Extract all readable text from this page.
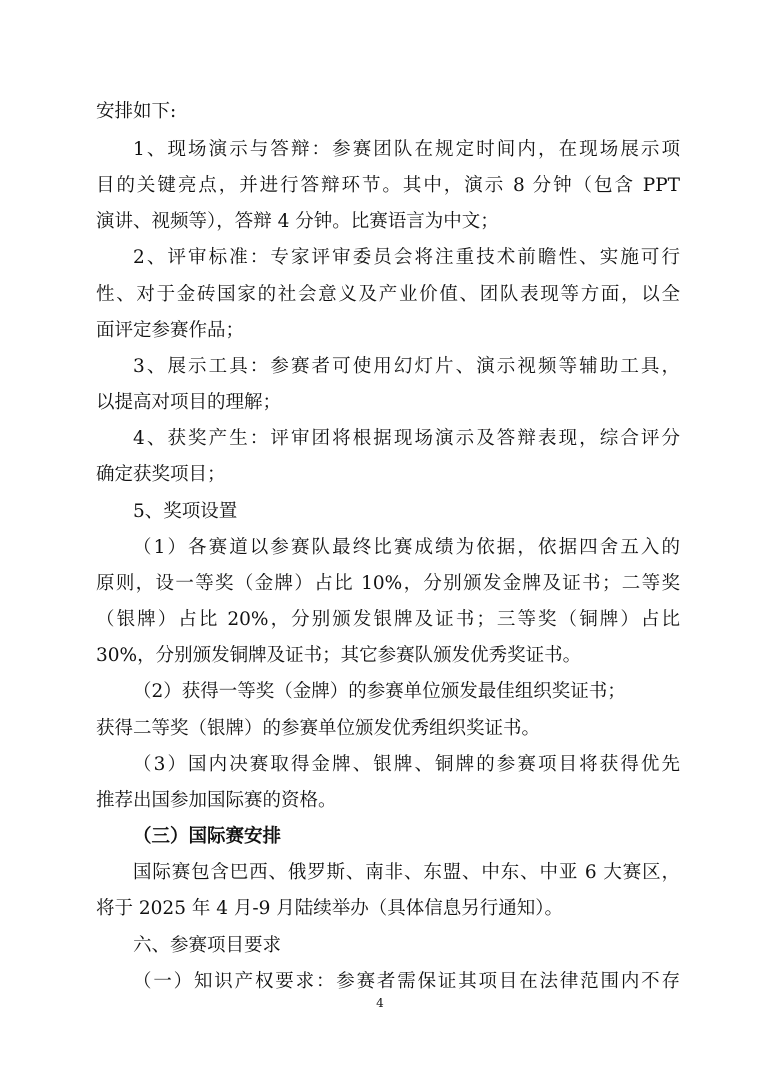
安排如下:
1、现场演示与答辩：参赛团队在规定时间内，在现场展示项
目的关键亮点，并进行答辩环节。其中，演示 8 分钟（包含 PPT
演讲、视频等），答辩 4 分钟。比赛语言为中文；
2、评审标准：专家评审委员会将注重技术前瞻性、实施可行
性、对于金砖国家的社会意义及产业价值、团队表现等方面，以全
面评定参赛作品；
3、展示工具：参赛者可使用幻灯片、演示视频等辅助工具，
以提高对项目的理解；
4、获奖产生：评审团将根据现场演示及答辩表现，综合评分
确定获奖项目；
5、奖项设置
（1）各赛道以参赛队最终比赛成绩为依据，依据四舍五入的
原则，设一等奖（金牌）占比 10%，分别颁发金牌及证书；二等奖
（银牌）占比 20%，分别颁发银牌及证书；三等奖（铜牌）占比
30%，分别颁发铜牌及证书；其它参赛队颁发优秀奖证书。
（2）获得一等奖（金牌）的参赛单位颁发最佳组织奖证书；
获得二等奖（银牌）的参赛单位颁发优秀组织奖证书。
（3）国内决赛取得金牌、银牌、铜牌的参赛项目将获得优先
推荐出国参加国际赛的资格。
（三）国际赛安排
国际赛包含巴西、俄罗斯、南非、东盟、中东、中亚 6 大赛区，
将于 2025 年 4 月-9 月陆续举办（具体信息另行通知）。
六、参赛项目要求
（一）知识产权要求：参赛者需保证其项目在法律范围内不存
4
